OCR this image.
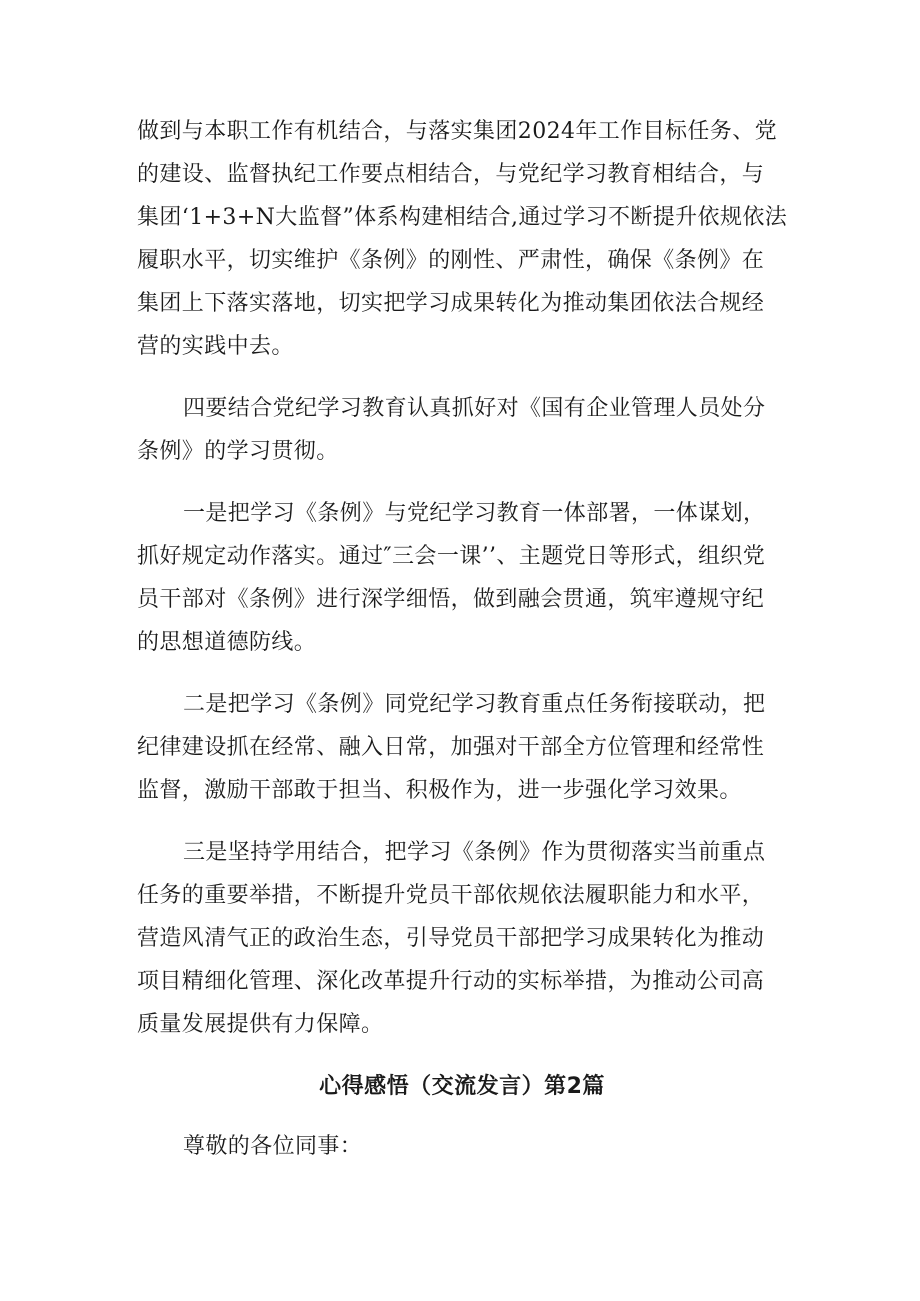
做到与本职工作有机结合，与落实集团2024年工作目标任务、党
的建设、监督执纪工作要点相结合，与党纪学习教育相结合，与
集团‘1+3+N大监督”体系构建相结合,通过学习不断提升依规依法
履职水平，切实维护《条例》的刚性、严肃性，确保《条例》在
集团上下落实落地，切实把学习成果转化为推动集团依法合规经
营的实践中去。

四要结合党纪学习教育认真抓好对《国有企业管理人员处分
条例》的学习贯彻。

一是把学习《条例》与党纪学习教育一体部署，一体谋划，
抓好规定动作落实。通过″三会一课’’、主题党日等形式，组织党
员干部对《条例》进行深学细悟，做到融会贯通，筑牢遵规守纪
的思想道德防线。

二是把学习《条例》同党纪学习教育重点任务衔接联动，把
纪律建设抓在经常、融入日常，加强对干部全方位管理和经常性
监督，激励干部敢于担当、积极作为，进一步强化学习效果。

三是坚持学用结合，把学习《条例》作为贯彻落实当前重点
任务的重要举措，不断提升党员干部依规依法履职能力和水平，
营造风清气正的政治生态，引导党员干部把学习成果转化为推动
项目精细化管理、深化改革提升行动的实标举措，为推动公司高
质量发展提供有力保障。

心得感悟（交流发言）第2篇

尊敬的各位同事：
